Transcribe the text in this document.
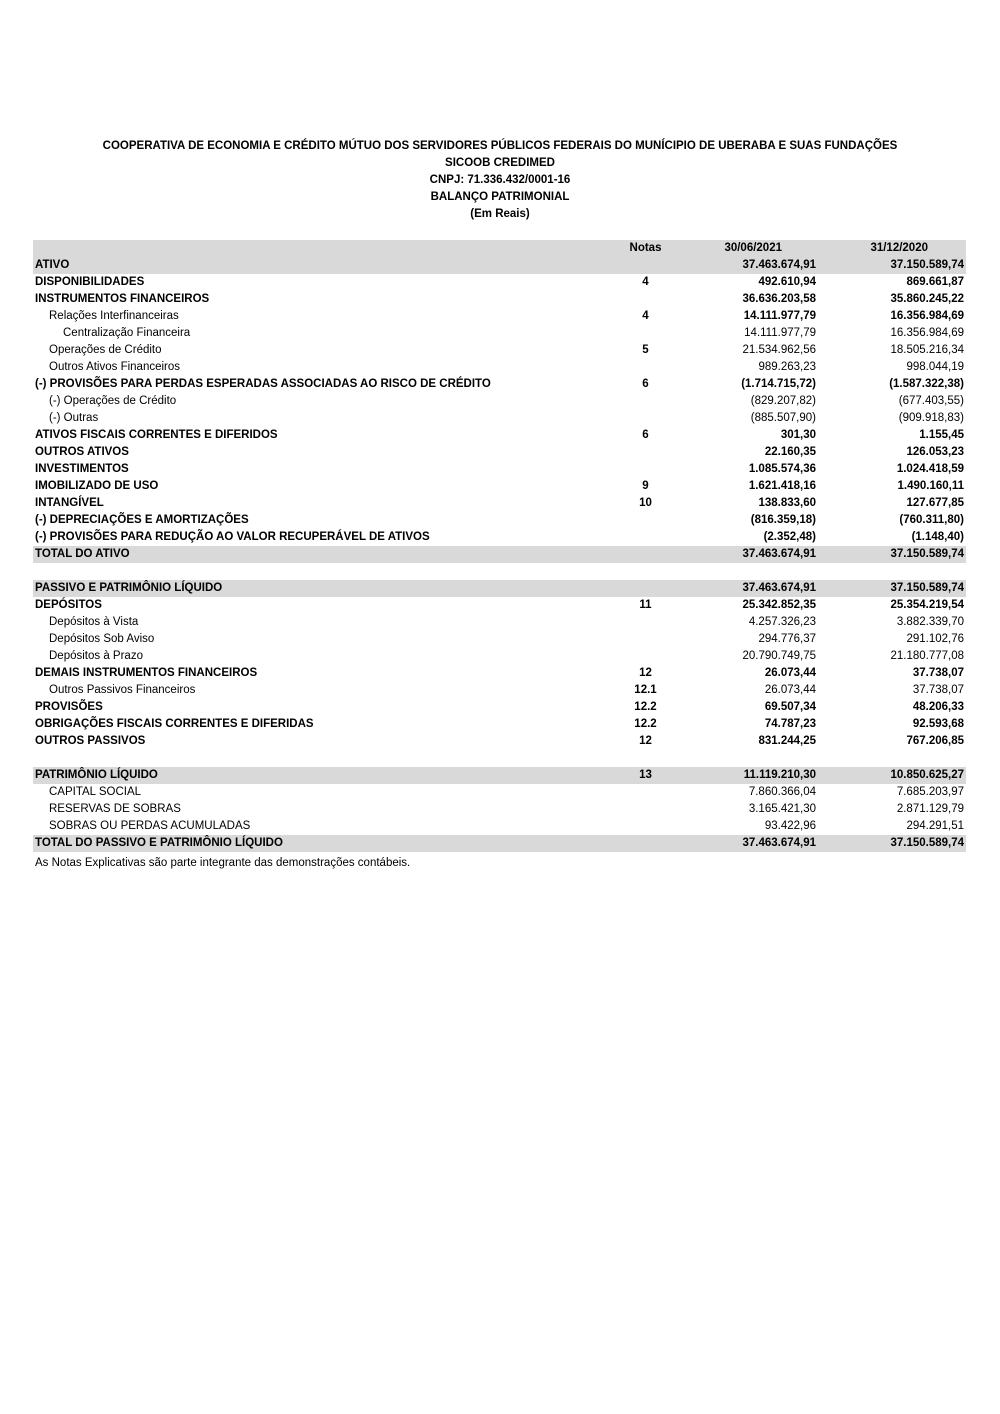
COOPERATIVA DE ECONOMIA E CRÉDITO MÚTUO DOS SERVIDORES PÚBLICOS FEDERAIS DO MUNÍCIPIO DE UBERABA E SUAS FUNDAÇÕES
SICOOB CREDIMED
CNPJ: 71.336.432/0001-16
BALANÇO PATRIMONIAL
(Em Reais)
	Notas	30/06/2021	31/12/2020
ATIVO		37.463.674,91	37.150.589,74
DISPONIBILIDADES	4	492.610,94	869.661,87
INSTRUMENTOS FINANCEIROS		36.636.203,58	35.860.245,22
Relações Interfinanceiras	4	14.111.977,79	16.356.984,69
Centralização Financeira		14.111.977,79	16.356.984,69
Operações de Crédito	5	21.534.962,56	18.505.216,34
Outros Ativos Financeiros		989.263,23	998.044,19
(-) PROVISÕES PARA PERDAS ESPERADAS ASSOCIADAS AO RISCO DE CRÉDITO	6	(1.714.715,72)	(1.587.322,38)
(-) Operações de Crédito		(829.207,82)	(677.403,55)
(-) Outras		(885.507,90)	(909.918,83)
ATIVOS FISCAIS CORRENTES E DIFERIDOS	6	301,30	1.155,45
OUTROS ATIVOS		22.160,35	126.053,23
INVESTIMENTOS		1.085.574,36	1.024.418,59
IMOBILIZADO DE USO	9	1.621.418,16	1.490.160,11
INTANGÍVEL	10	138.833,60	127.677,85
(-) DEPRECIAÇÕES E AMORTIZAÇÕES		(816.359,18)	(760.311,80)
(-) PROVISÕES PARA REDUÇÃO AO VALOR RECUPERÁVEL DE ATIVOS		(2.352,48)	(1.148,40)
TOTAL DO ATIVO		37.463.674,91	37.150.589,74

PASSIVO E PATRIMÔNIO LÍQUIDO		37.463.674,91	37.150.589,74
DEPÓSITOS	11	25.342.852,35	25.354.219,54
Depósitos à Vista		4.257.326,23	3.882.339,70
Depósitos Sob Aviso		294.776,37	291.102,76
Depósitos à Prazo		20.790.749,75	21.180.777,08
DEMAIS INSTRUMENTOS FINANCEIROS	12	26.073,44	37.738,07
Outros Passivos Financeiros	12.1	26.073,44	37.738,07
PROVISÕES	12.2	69.507,34	48.206,33
OBRIGAÇÕES FISCAIS CORRENTES E DIFERIDAS	12.2	74.787,23	92.593,68
OUTROS PASSIVOS	12	831.244,25	767.206,85

PATRIMÔNIO LÍQUIDO	13	11.119.210,30	10.850.625,27
CAPITAL SOCIAL		7.860.366,04	7.685.203,97
RESERVAS DE SOBRAS		3.165.421,30	2.871.129,79
SOBRAS OU PERDAS ACUMULADAS		93.422,96	294.291,51
TOTAL DO PASSIVO E PATRIMÔNIO LÍQUIDO		37.463.674,91	37.150.589,74
As Notas Explicativas são parte integrante das demonstrações contábeis.
